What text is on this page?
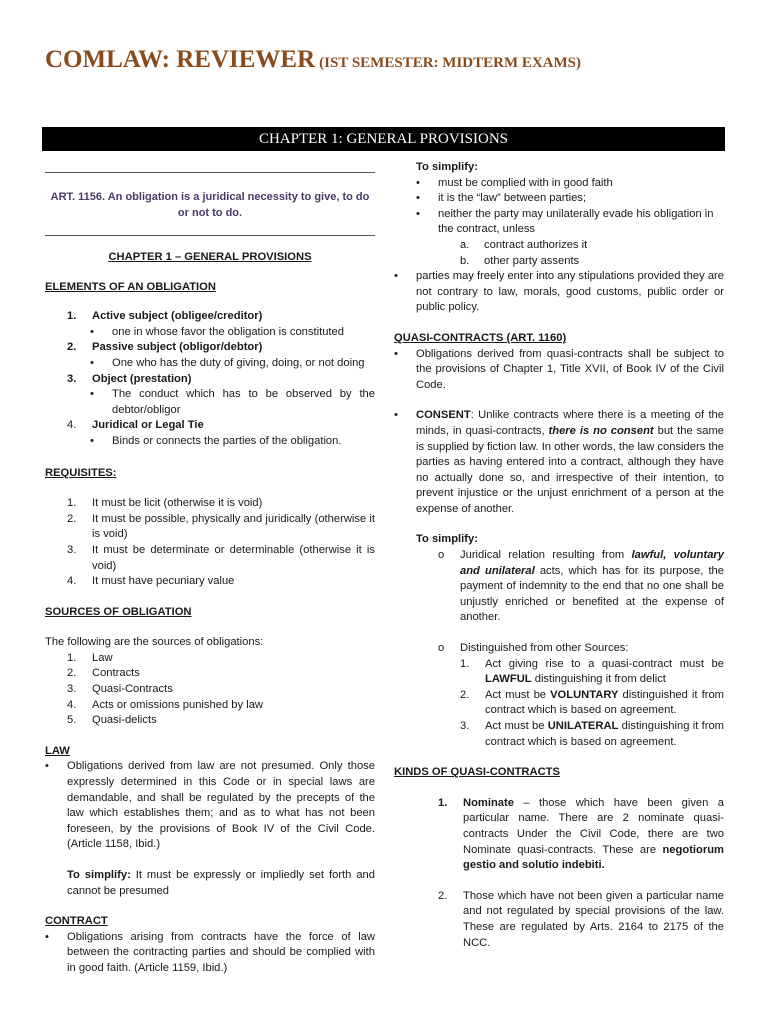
COMLAW: REVIEWER (IST SEMESTER: MIDTERM EXAMS)
CHAPTER 1: GENERAL PROVISIONS

ART. 1156. An obligation is a juridical necessity to give, to do or not to do.

CHAPTER 1 – GENERAL PROVISIONS

ELEMENTS OF AN OBLIGATION

1.	Active subject (obligee/creditor)
•	one in whose favor the obligation is constituted
2.	Passive subject (obligor/debtor)
•	One who has the duty of giving, doing, or not doing
3.	Object (prestation)
•	The conduct which has to be observed by the debtor/obligor
4.	Juridical or Legal Tie
•	Binds or connects the parties of the obligation.

REQUISITES:

1.	It must be licit (otherwise it is void)
2.	It must be possible, physically and juridically (otherwise it is void)
3.	It must be determinate or determinable (otherwise it is void)
4.	It must have pecuniary value

SOURCES OF OBLIGATION

The following are the sources of obligations:

1.	Law
2.	Contracts
3.	Quasi-Contracts
4.	Acts or omissions punished by law
5.	Quasi-delicts

LAW

•	Obligations derived from law are not presumed. Only those expressly determined in this Code or in special laws are demandable, and shall be regulated by the precepts of the law which establishes them; and as to what has not been foreseen, by the provisions of Book IV of the Civil Code. (Article 1158, Ibid.)

To simplify: It must be expressly or impliedly set forth and cannot be presumed

CONTRACT

•	Obligations arising from contracts have the force of law between the contracting parties and should be complied with in good faith. (Article 1159, Ibid.)

To simplify:

•	must be complied with in good faith
•	it is the “law” between parties;
•	neither the party may unilaterally evade his obligation in the contract, unless
a.	contract authorizes it
b.	other party assents
•	parties may freely enter into any stipulations provided they are not contrary to law, morals, good customs, public order or public policy.

QUASI-CONTRACTS (ART. 1160)

•	Obligations derived from quasi-contracts shall be subject to the provisions of Chapter 1, Title XVII, of Book IV of the Civil Code.
•	CONSENT: Unlike contracts where there is a meeting of the minds, in quasi-contracts, there is no consent but the same is supplied by fiction law. In other words, the law considers the parties as having entered into a contract, although they have no actually done so, and irrespective of their intention, to prevent injustice or the unjust enrichment of a person at the expense of another.

To simplify:

o	Juridical relation resulting from lawful, voluntary and unilateral acts, which has for its purpose, the payment of indemnity to the end that no one shall be unjustly enriched or benefited at the expense of another.
o	Distinguished from other Sources:
1.	Act giving rise to a quasi-contract must be LAWFUL distinguishing it from delict
2.	Act must be VOLUNTARY distinguished it from contract which is based on agreement.
3.	Act must be UNILATERAL distinguishing it from contract which is based on agreement.

KINDS OF QUASI-CONTRACTS

1.	Nominate – those which have been given a particular name. There are 2 nominate quasi-contracts Under the Civil Code, there are two Nominate quasi-contracts. These are negotiorum gestio and solutio indebiti.
2.	Those which have not been given a particular name and not regulated by special provisions of the law. These are regulated by Arts. 2164 to 2175 of the NCC.
